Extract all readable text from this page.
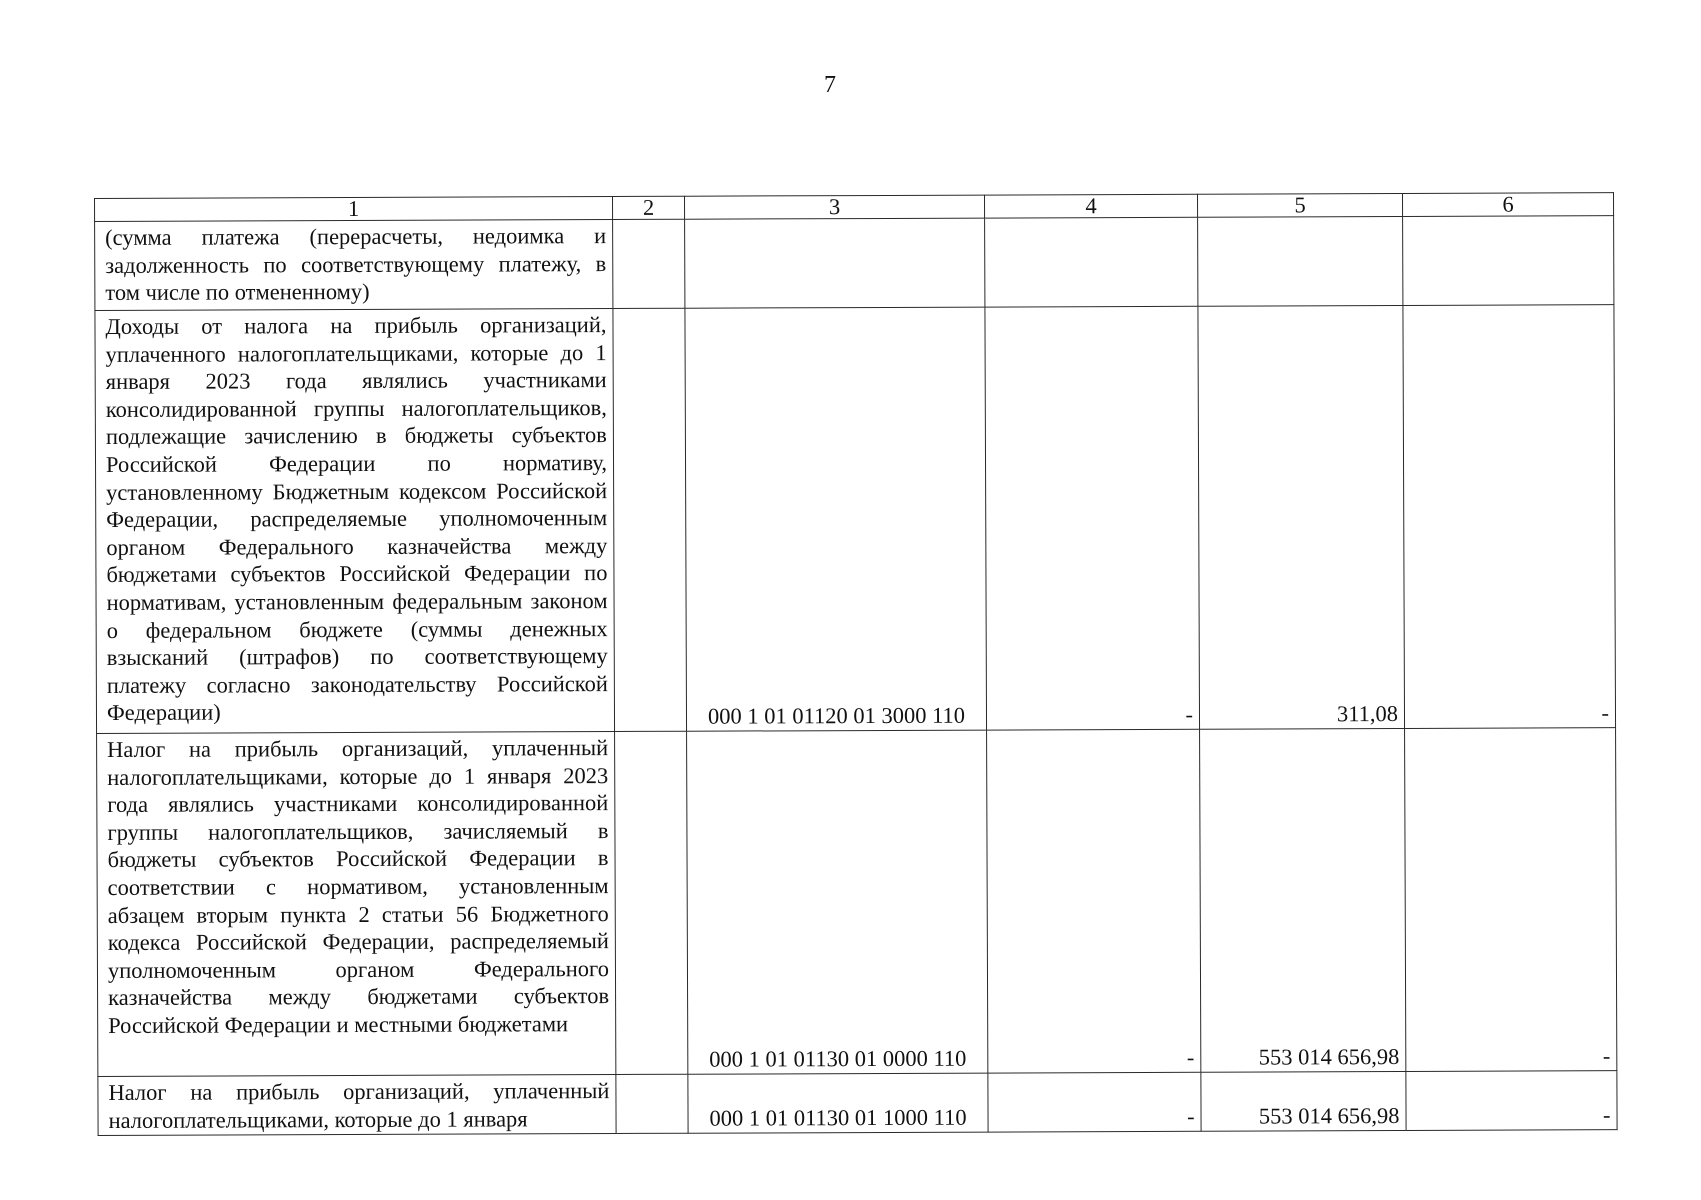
7
1	2	3	4	5	6
(сумма платежа (перерасчеты, недоимка и задолженность по соответствующему платежу, в том числе по отмененному)					
Доходы от налога на прибыль организаций, уплаченного налогоплательщиками, которые до 1 января 2023 года являлись участниками консолидированной группы налогоплательщиков, подлежащие зачислению в бюджеты субъектов Российской Федерации по нормативу, установленному Бюджетным кодексом Российской Федерации, распределяемые уполномоченным органом Федерального казначейства между бюджетами субъектов Российской Федерации по нормативам, установленным федеральным законом о федеральном бюджете (суммы денежных взысканий (штрафов) по соответствующему платежу согласно законодательству Российской Федерации)		000 1 01 01120 01 3000 110	-	311,08	-
Налог на прибыль организаций, уплаченный налогоплательщиками, которые до 1 января 2023 года являлись участниками консолидированной группы налогоплательщиков, зачисляемый в бюджеты субъектов Российской Федерации в соответствии с нормативом, установленным абзацем вторым пункта 2 статьи 56 Бюджетного кодекса Российской Федерации, распределяемый уполномоченным органом Федерального казначейства между бюджетами субъектов Российской Федерации и местными бюджетами		000 1 01 01130 01 0000 110	-	553 014 656,98	-
Налог на прибыль организаций, уплаченный налогоплательщиками, которые до 1 января		000 1 01 01130 01 1000 110	-	553 014 656,98	-
